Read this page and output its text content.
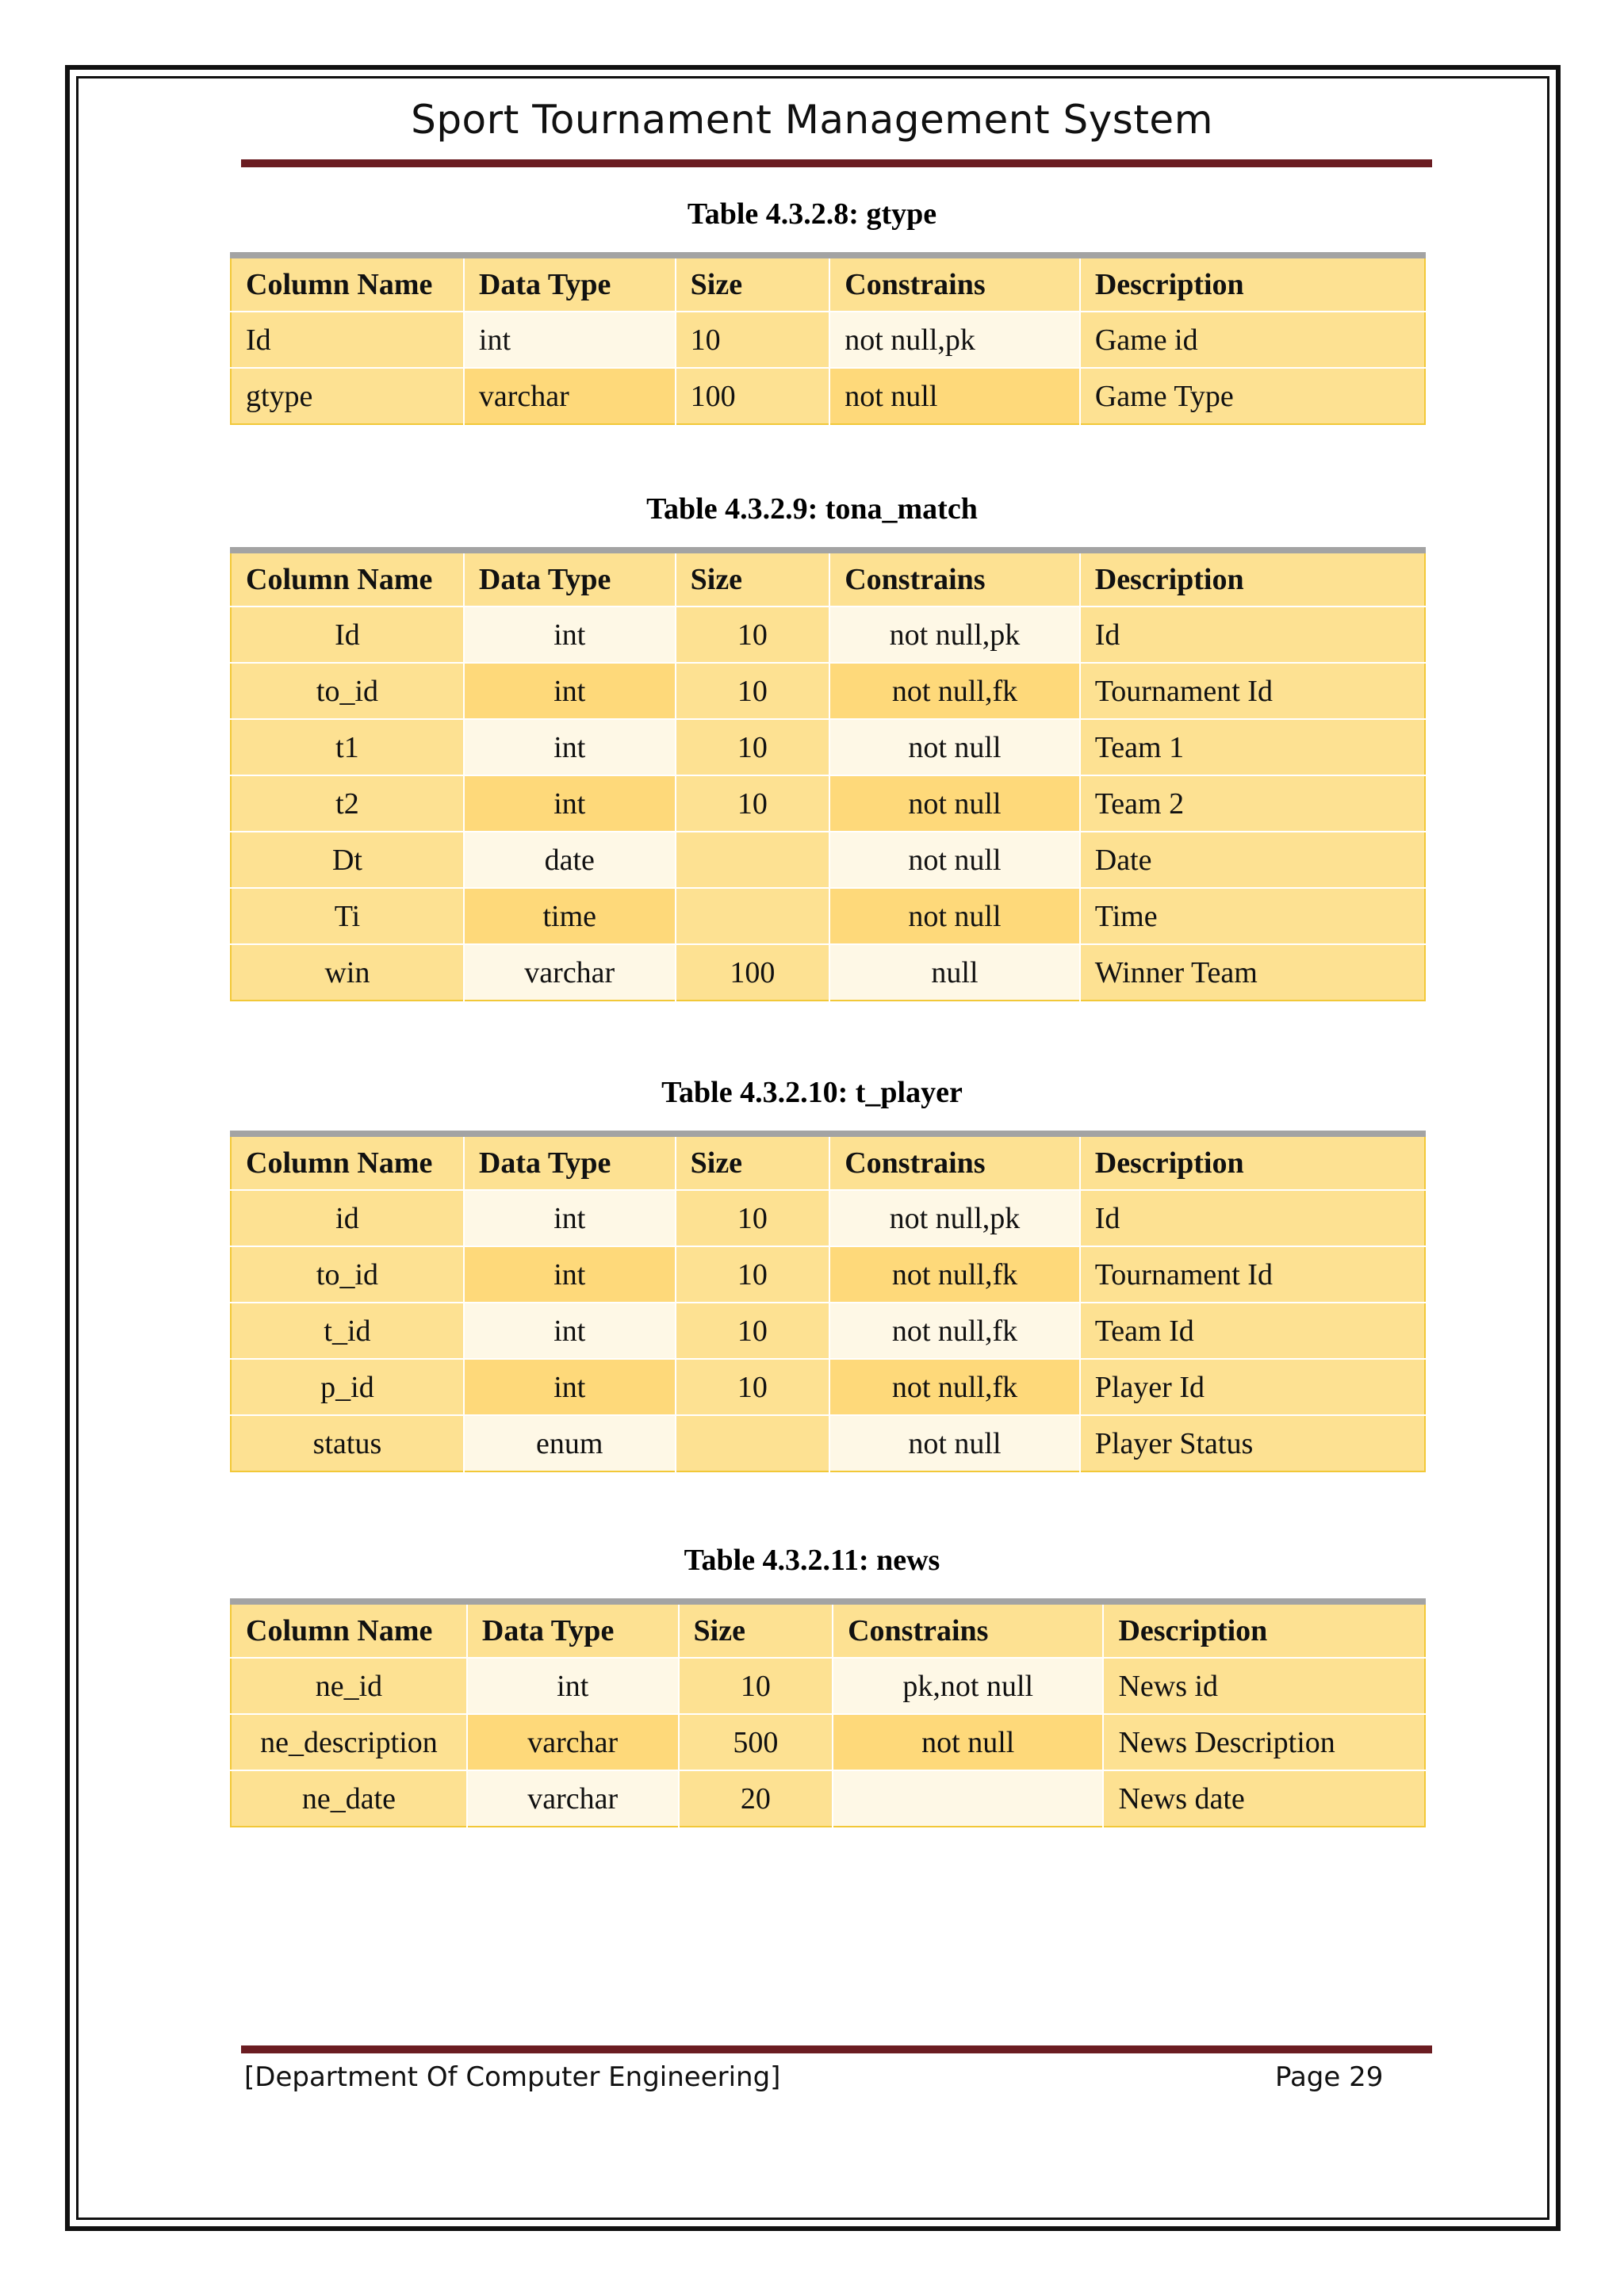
Sport Tournament Management System
Table 4.3.2.8: gtype
Column Name	Data Type	Size	Constrains	Description
Id	int	10	not null,pk	Game id
gtype	varchar	100	not null	Game Type
Table 4.3.2.9: tona_match
Column Name	Data Type	Size	Constrains	Description
Id	int	10	not null,pk	Id
to_id	int	10	not null,fk	Tournament Id
t1	int	10	not null	Team 1
t2	int	10	not null	Team 2
Dt	date		not null	Date
Ti	time		not null	Time
win	varchar	100	null	Winner Team
Table 4.3.2.10: t_player
Column Name	Data Type	Size	Constrains	Description
id	int	10	not null,pk	Id
to_id	int	10	not null,fk	Tournament Id
t_id	int	10	not null,fk	Team Id
p_id	int	10	not null,fk	Player Id
status	enum		not null	Player Status
Table 4.3.2.11: news
Column Name	Data Type	Size	Constrains	Description
ne_id	int	10	pk,not null	News id
ne_description	varchar	500	not null	News Description
ne_date	varchar	20		News date
[Department Of Computer Engineering]	Page 29
